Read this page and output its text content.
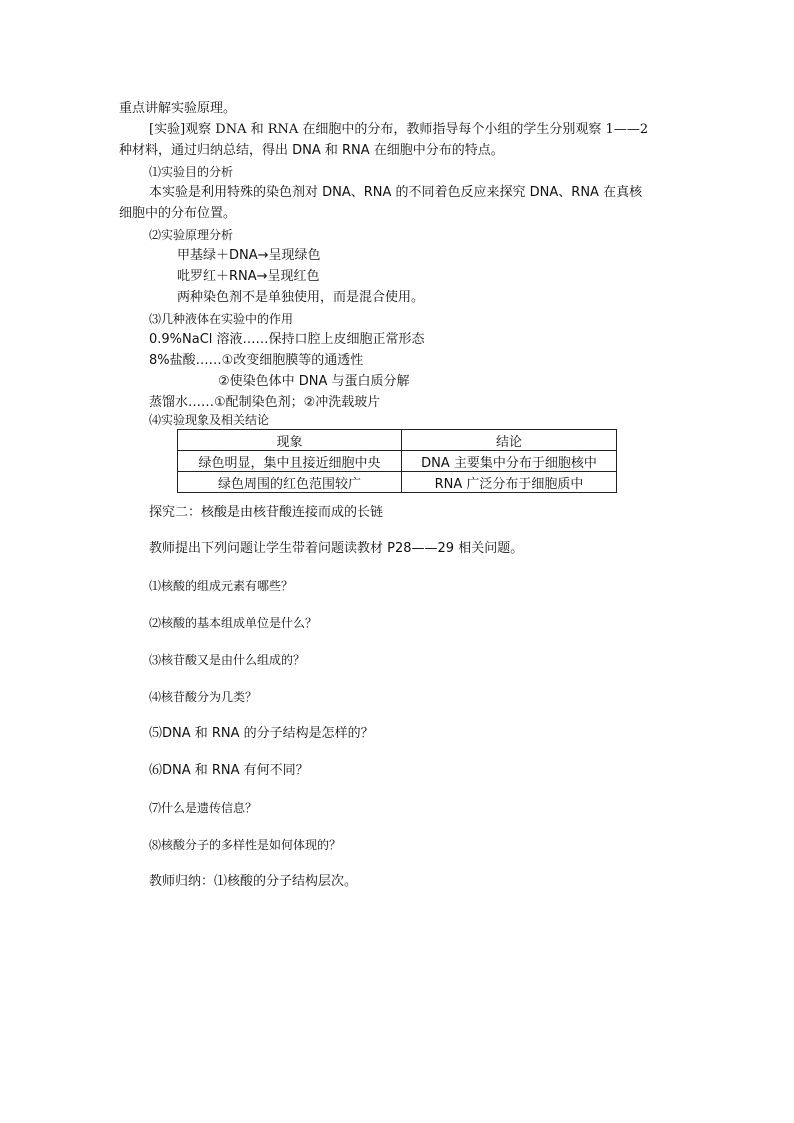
重点讲解实验原理。
[实验]观察 DNA 和 RNA 在细胞中的分布，教师指导每个小组的学生分别观察 1——2
种材料，通过归纳总结，得出 DNA 和 RNA 在细胞中分布的特点。
⑴实验目的分析
本实验是利用特殊的染色剂对 DNA、RNA 的不同着色反应来探究 DNA、RNA 在真核
细胞中的分布位置。
⑵实验原理分析
甲基绿＋DNA→呈现绿色
吡罗红＋RNA→呈现红色
两种染色剂不是单独使用，而是混合使用。
⑶几种液体在实验中的作用
0.9%NaCl 溶液……保持口腔上皮细胞正常形态
8%盐酸……①改变细胞膜等的通透性
②使染色体中 DNA 与蛋白质分解
蒸馏水……①配制染色剂；②冲洗载玻片
⑷实验现象及相关结论
现象	结论
绿色明显，集中且接近细胞中央	DNA 主要集中分布于细胞核中
绿色周围的红色范围较广	RNA 广泛分布于细胞质中
探究二：核酸是由核苷酸连接而成的长链
教师提出下列问题让学生带着问题读教材 P28——29 相关问题。
⑴核酸的组成元素有哪些？
⑵核酸的基本组成单位是什么？
⑶核苷酸又是由什么组成的？
⑷核苷酸分为几类？
⑸DNA 和 RNA 的分子结构是怎样的？
⑹DNA 和 RNA 有何不同？
⑺什么是遗传信息？
⑻核酸分子的多样性是如何体现的？
教师归纳：⑴核酸的分子结构层次。
